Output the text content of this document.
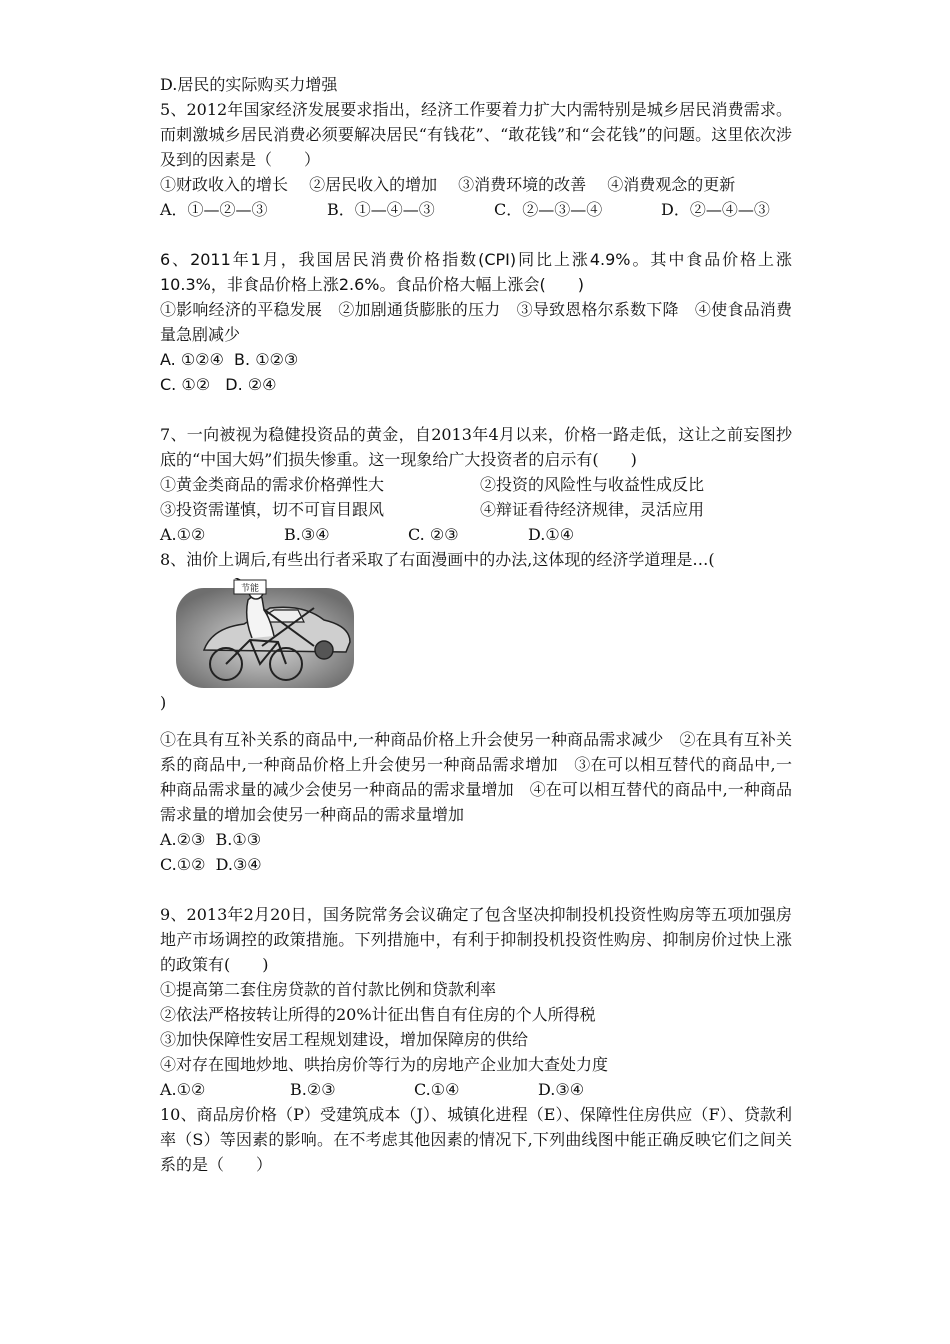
D.居民的实际购买力增强
5、2012年国家经济发展要求指出，经济工作要着力扩大内需特别是城乡居民消费需求。而刺激城乡居民消费必须要解决居民“有钱花”、“敢花钱”和“会花钱”的问题。这里依次涉及到的因素是（　　）
①财政收入的增长　 ②居民收入的增加　 ③消费环境的改善　 ④消费观念的更新
A．①—②—③	B．①—④—③	C．②—③—④	D．②—④—③
6、2011年1月，我国居民消费价格指数(CPI)同比上涨4.9%。其中食品价格上涨10.3%，非食品价格上涨2.6%。食品价格大幅上涨会(　　)
①影响经济的平稳发展　②加剧通货膨胀的压力　③导致恩格尔系数下降　④使食品消费量急剧减少
A. ①②④  B. ①②③
C. ①②   D. ②④
7、一向被视为稳健投资品的黄金，自2013年4月以来，价格一路走低，这让之前妄图抄底的“中国大妈”们损失惨重。这一现象给广大投资者的启示有(　　)
①黄金类商品的需求价格弹性大	②投资的风险性与收益性成反比
③投资需谨慎，切不可盲目跟风	④辩证看待经济规律，灵活应用
A.①②	B.③④	C. ②③	D.①④
8、油价上调后,有些出行者采取了右面漫画中的办法,这体现的经济学道理是…(
节能
)
①在具有互补关系的商品中,一种商品价格上升会使另一种商品需求减少　②在具有互补关系的商品中,一种商品价格上升会使另一种商品需求增加　③在可以相互替代的商品中,一种商品需求量的减少会使另一种商品的需求量增加　④在可以相互替代的商品中,一种商品需求量的增加会使另一种商品的需求量增加
A.②③  B.①③
C.①②  D.③④
9、2013年2月20日，国务院常务会议确定了包含坚决抑制投机投资性购房等五项加强房地产市场调控的政策措施。下列措施中，有利于抑制投机投资性购房、抑制房价过快上涨的政策有(　　)
①提高第二套住房贷款的首付款比例和贷款利率
②依法严格按转让所得的20%计征出售自有住房的个人所得税
③加快保障性安居工程规划建设，增加保障房的供给
④对存在囤地炒地、哄抬房价等行为的房地产企业加大查处力度
A.①②	B.②③	C.①④	D.③④
10、商品房价格（P）受建筑成本（J）、城镇化进程（E）、保障性住房供应（F）、贷款利率（S）等因素的影响。在不考虑其他因素的情况下,下列曲线图中能正确反映它们之间关系的是（　　）
